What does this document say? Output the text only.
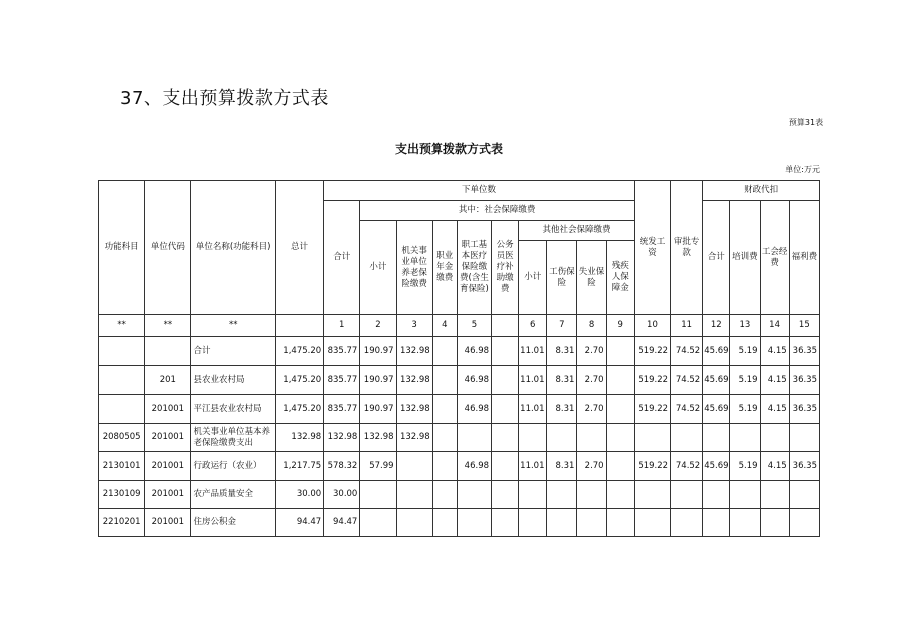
37、支出预算拨款方式表
预算31表
支出预算拨款方式表
单位:万元
功能科目	单位代码	单位名称(功能科目)	总计	下单位数										统发工资	审批专款	财政代扣			
				合计	其中：社会保障缴费											合计	培训费	工会经费	福利费
					小计	机关事业单位养老保险缴费	职业年金缴费	职工基本医疗保险缴费(含生育保险)	公务员医疗补助缴费	其他社会保障缴费									
										小计	工伤保险	失业保险	残疾人保障金						

**	**	**		1	2	3	4	5		6	7	8	9	10	11	12	13	14	15
		合计	1,475.20	835.77	190.97	132.98		46.98		11.01	8.31	2.70		519.22	74.52	45.69	5.19	4.15	36.35
	201	县农业农村局	1,475.20	835.77	190.97	132.98		46.98		11.01	8.31	2.70		519.22	74.52	45.69	5.19	4.15	36.35
	201001	平江县农业农村局	1,475.20	835.77	190.97	132.98		46.98		11.01	8.31	2.70		519.22	74.52	45.69	5.19	4.15	36.35
2080505	201001	机关事业单位基本养老保险缴费支出	132.98	132.98	132.98	132.98													
2130101	201001	行政运行（农业）	1,217.75	578.32	57.99			46.98		11.01	8.31	2.70		519.22	74.52	45.69	5.19	4.15	36.35
2130109	201001	农产品质量安全	30.00	30.00															
2210201	201001	住房公积金	94.47	94.47															
